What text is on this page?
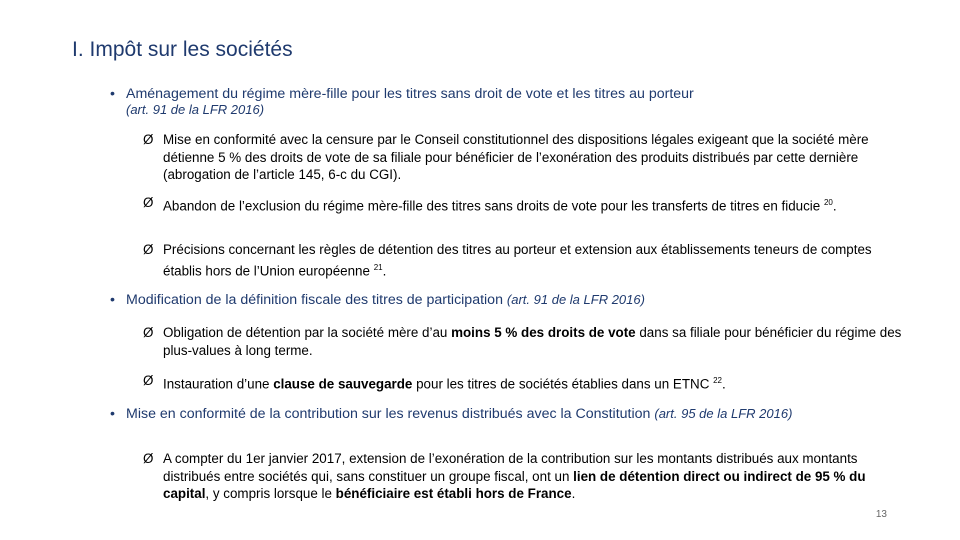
I. Impôt sur les sociétés
• Aménagement du régime mère-fille pour les titres sans droit de vote et les titres au porteur
(art. 91 de la LFR 2016)
Ø Mise en conformité avec la censure par le Conseil constitutionnel des dispositions légales exigeant que la société mère détienne 5 % des droits de vote de sa filiale pour bénéficier de l’exonération des produits distribués par cette dernière (abrogation de l’article 145, 6-c du CGI).
Ø Abandon de l’exclusion du régime mère-fille des titres sans droits de vote pour les transferts de titres en fiducie $^{20}$.
Ø Précisions concernant les règles de détention des titres au porteur et extension aux établissements teneurs de comptes établis hors de l’Union européenne $^{21}$.
• Modification de la définition fiscale des titres de participation (art. 91 de la LFR 2016)
Ø Obligation de détention par la société mère d’au moins 5 % des droits de vote dans sa filiale pour bénéficier du régime des plus-values à long terme.
Ø Instauration d’une clause de sauvegarde pour les titres de sociétés établies dans un ETNC $^{22}$.
• Mise en conformité de la contribution sur les revenus distribués avec la Constitution (art. 95 de la LFR 2016)
Ø A compter du 1er janvier 2017, extension de l’exonération de la contribution sur les montants distribués aux montants distribués entre sociétés qui, sans constituer un groupe fiscal, ont un lien de détention direct ou indirect de 95 % du capital, y compris lorsque le bénéficiaire est établi hors de France.
13
